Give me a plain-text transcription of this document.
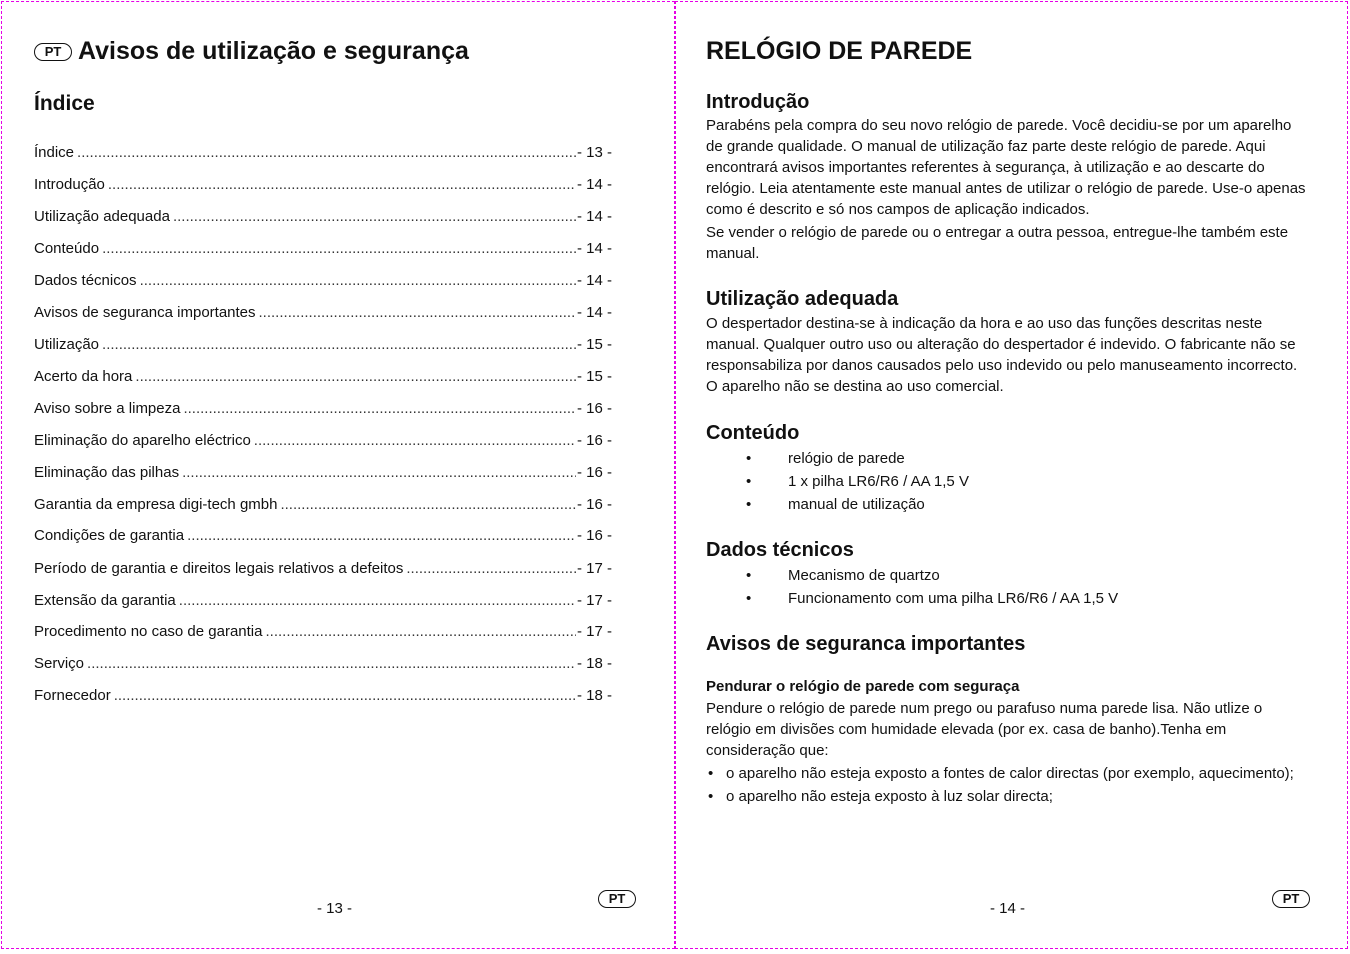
PT Avisos de utilização e segurança
Índice
Índice .....	- 13 -
Introdução .....	- 14 -
Utilização adequada .....	- 14 -
Conteúdo .....	- 14 -
Dados técnicos .....	- 14 -
Avisos de seguranca importantes .....	- 14 -
Utilização .....	- 15 -
Acerto da hora .....	- 15 -
Aviso sobre a limpeza .....	- 16 -
Eliminação do aparelho eléctrico .....	- 16 -
Eliminação das pilhas .....	- 16 -
Garantia da empresa digi-tech gmbh .....	- 16 -
Condições de garantia .....	- 16 -
Período de garantia e direitos legais relativos a defeitos .....	- 17 -
Extensão da garantia .....	- 17 -
Procedimento no caso de garantia .....	- 17 -
Serviço .....	- 18 -
Fornecedor .....	- 18 -
- 13 -
PT
RELÓGIO DE PAREDE
Introdução

Parabéns pela compra do seu novo relógio de parede. Você decidiu-se por um aparelho de grande qualidade. O manual de utilização faz parte deste relógio de parede. Aqui encontrará avisos importantes referentes à segurança, à utilização e ao descarte do relógio. Leia atentamente este manual antes de utilizar o relógio de parede. Use-o apenas como é descrito e só nos campos de aplicação indicados.

Se vender o relógio de parede ou o entregar a outra pessoa, entregue-lhe também este manual.

Utilização adequada

O despertador destina-se à indicação da hora e ao uso das funções descritas neste manual. Qualquer outro uso ou alteração do despertador é indevido. O fabricante não se responsabiliza por danos causados pelo uso indevido ou pelo manuseamento incorrecto. O aparelho não se destina ao uso comercial.

Conteúdo
• relógio de parede
• 1 x pilha LR6/R6 / AA 1,5 V
• manual de utilização
Dados técnicos
• Mecanismo de quartzo
• Funcionamento com uma pilha LR6/R6 / AA 1,5 V
Avisos de seguranca importantes
Pendurar o relógio de parede com seguraça

Pendure o relógio de parede num prego ou parafuso numa parede lisa. Não utlize o relógio em divisões com humidade elevada (por ex. casa de banho).Tenha em consideração que:

• o aparelho não esteja exposto a fontes de calor directas (por exemplo, aquecimento);
• o aparelho não esteja exposto à luz solar directa;
- 14 -
PT
